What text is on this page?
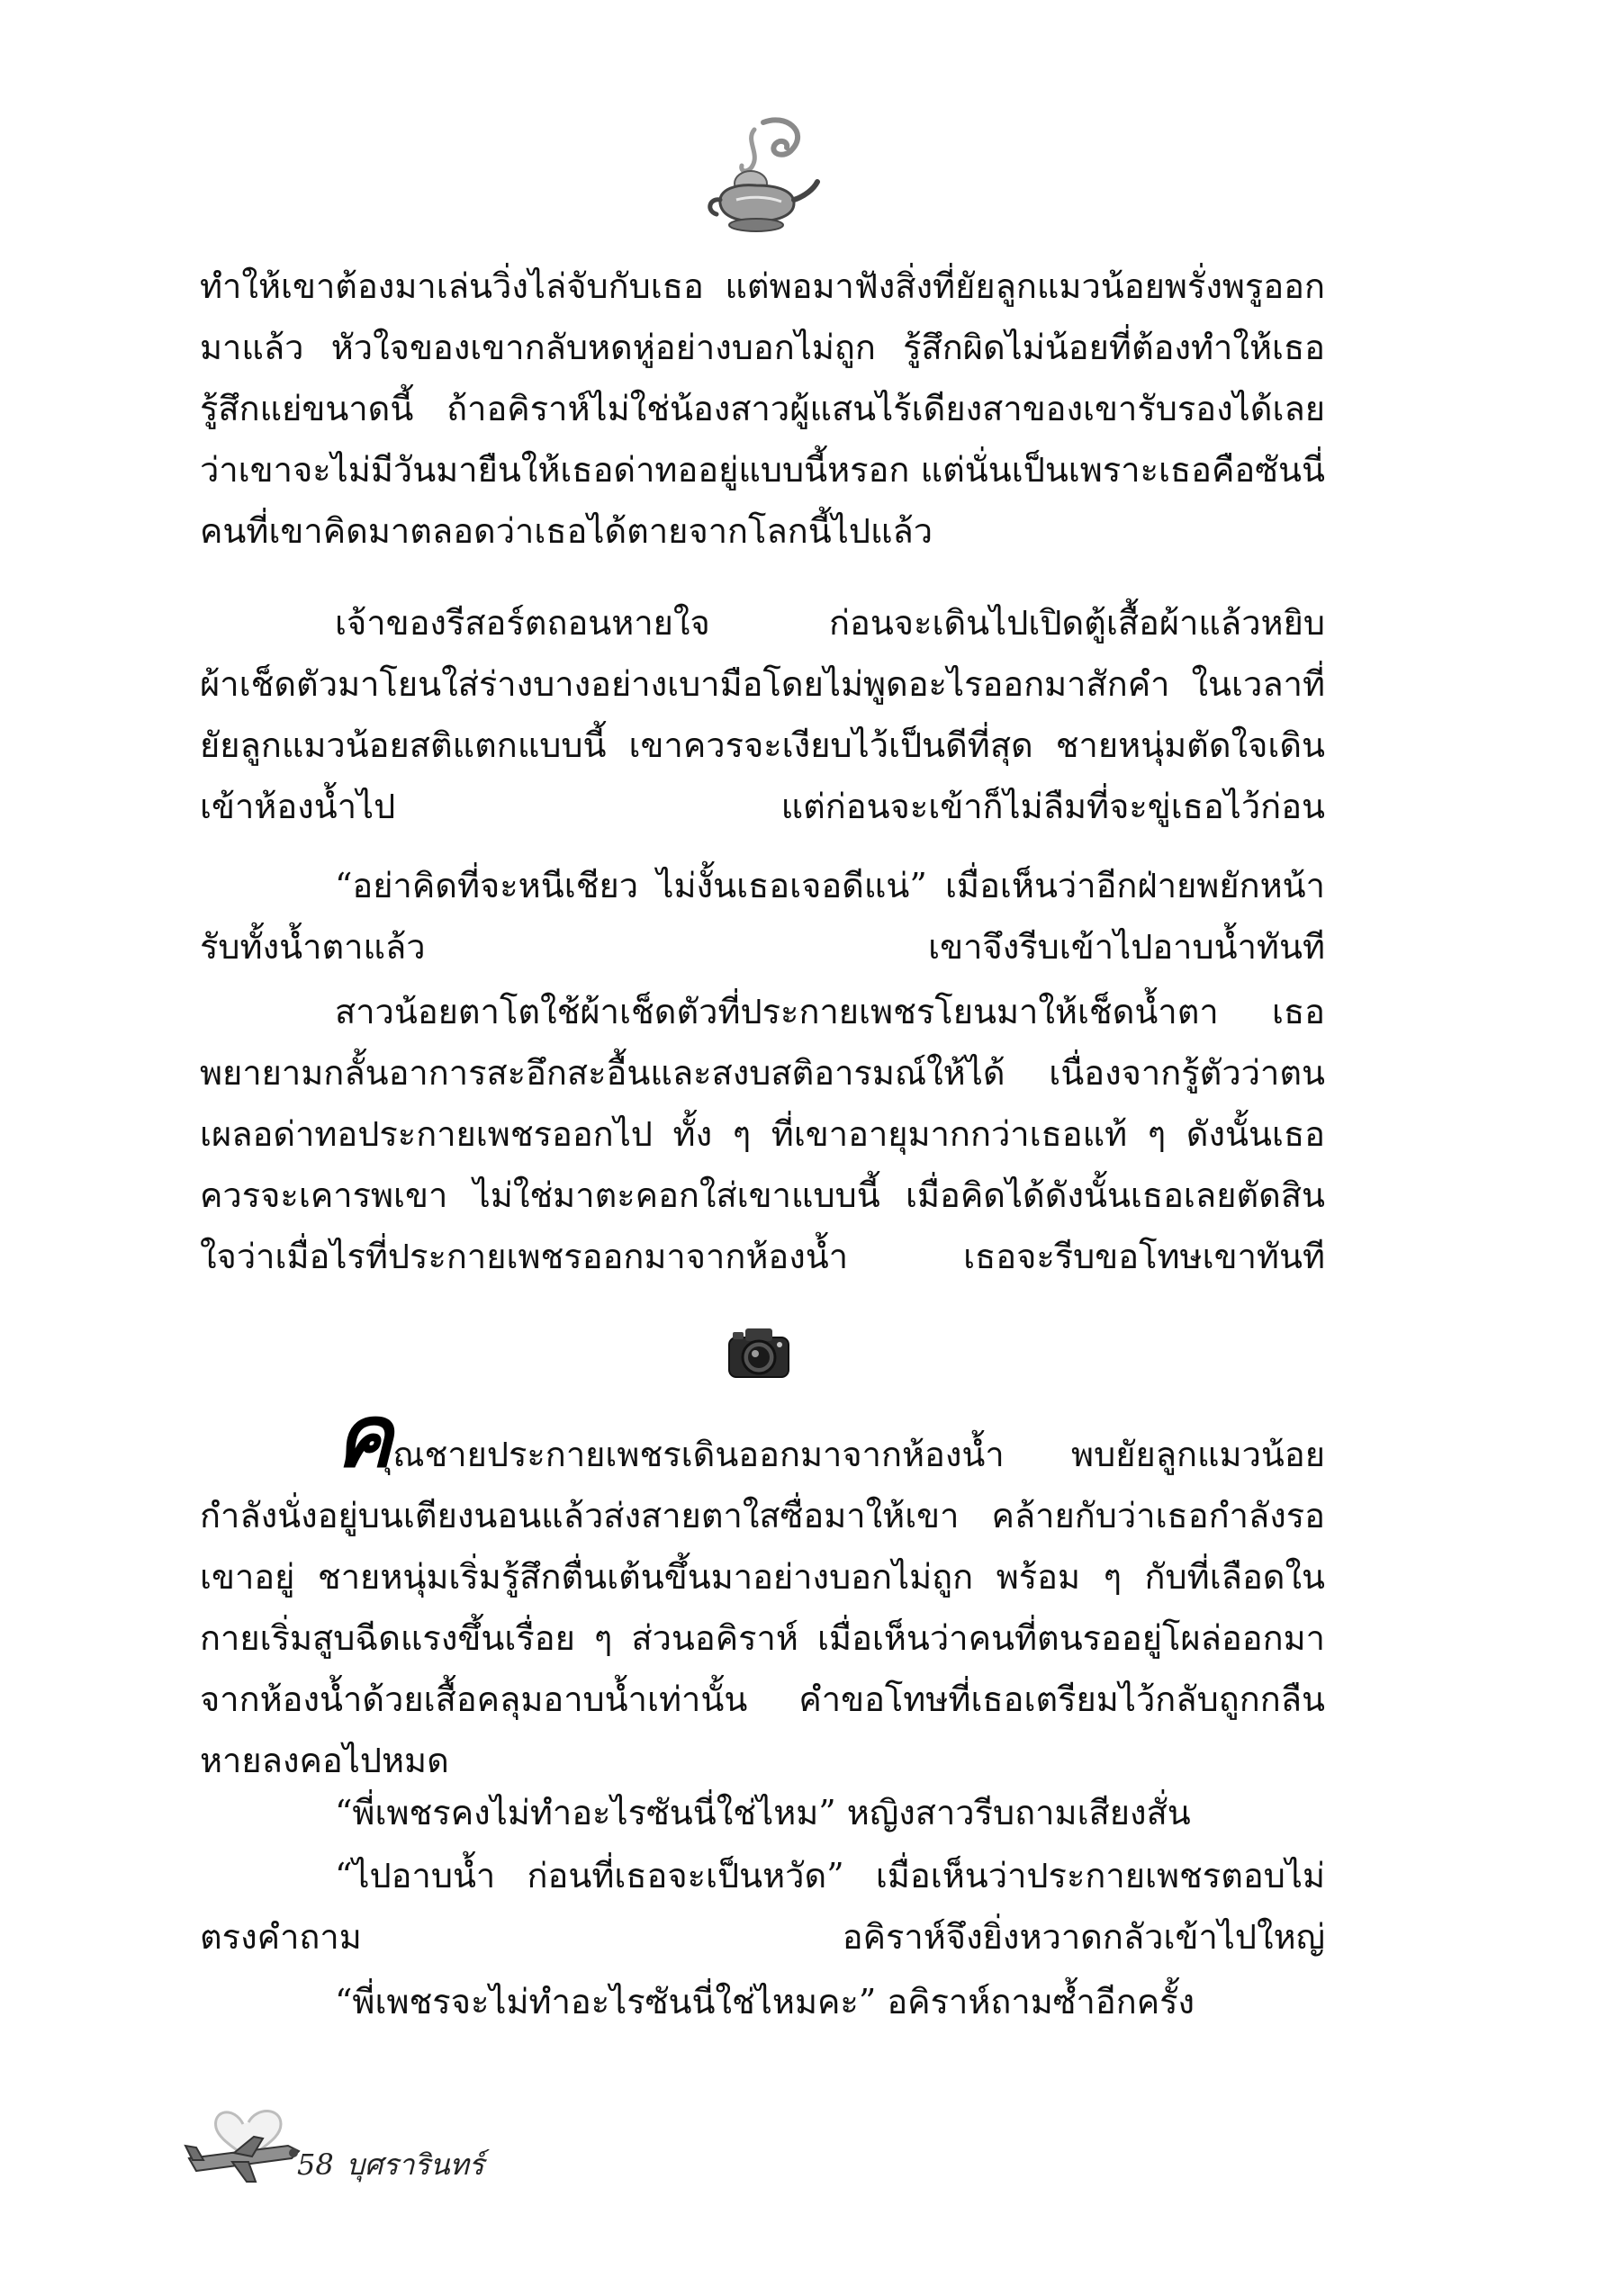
ทำให้เขาต้องมาเล่นวิ่งไล่จับกับเธอ แต่พอมาฟังสิ่งที่ยัยลูกแมวน้อยพรั่งพรูออกมาแล้ว หัวใจของเขากลับหดหู่อย่างบอกไม่ถูก รู้สึกผิดไม่น้อยที่ต้องทำให้เธอรู้สึกแย่ขนาดนี้ ถ้าอคิราห์ไม่ใช่น้องสาวผู้แสนไร้เดียงสาของเขารับรองได้เลยว่าเขาจะไม่มีวันมายืนให้เธอด่าทออยู่แบบนี้หรอก แต่นั่นเป็นเพราะเธอคือซันนี่ คนที่เขาคิดมาตลอดว่าเธอได้ตายจากโลกนี้ไปแล้ว

เจ้าของรีสอร์ตถอนหายใจ ก่อนจะเดินไปเปิดตู้เสื้อผ้าแล้วหยิบผ้าเช็ดตัวมาโยนใส่ร่างบางอย่างเบามือโดยไม่พูดอะไรออกมาสักคำ ในเวลาที่ยัยลูกแมวน้อยสติแตกแบบนี้ เขาควรจะเงียบไว้เป็นดีที่สุด ชายหนุ่มตัดใจเดินเข้าห้องน้ำไป แต่ก่อนจะเข้าก็ไม่ลืมที่จะขู่เธอไว้ก่อน

“อย่าคิดที่จะหนีเชียว ไม่งั้นเธอเจอดีแน่” เมื่อเห็นว่าอีกฝ่ายพยักหน้ารับทั้งน้ำตาแล้ว เขาจึงรีบเข้าไปอาบน้ำทันที

สาวน้อยตาโตใช้ผ้าเช็ดตัวที่ประกายเพชรโยนมาให้เช็ดน้ำตา เธอพยายามกลั้นอาการสะอึกสะอื้นและสงบสติอารมณ์ให้ได้ เนื่องจากรู้ตัวว่าตนเผลอด่าทอประกายเพชรออกไป ทั้ง ๆ ที่เขาอายุมากกว่าเธอแท้ ๆ ดังนั้นเธอควรจะเคารพเขา ไม่ใช่มาตะคอกใส่เขาแบบนี้ เมื่อคิดได้ดังนั้นเธอเลยตัดสินใจว่าเมื่อไรที่ประกายเพชรออกมาจากห้องน้ำ เธอจะรีบขอโทษเขาทันที

คุณชายประกายเพชรเดินออกมาจากห้องน้ำ พบยัยลูกแมวน้อยกำลังนั่งอยู่บนเตียงนอนแล้วส่งสายตาใสซื่อมาให้เขา คล้ายกับว่าเธอกำลังรอเขาอยู่ ชายหนุ่มเริ่มรู้สึกตื่นเต้นขึ้นมาอย่างบอกไม่ถูก พร้อม ๆ กับที่เลือดในกายเริ่มสูบฉีดแรงขึ้นเรื่อย ๆ ส่วนอคิราห์ เมื่อเห็นว่าคนที่ตนรออยู่โผล่ออกมาจากห้องน้ำด้วยเสื้อคลุมอาบน้ำเท่านั้น คำขอโทษที่เธอเตรียมไว้กลับถูกกลืนหายลงคอไปหมด

“พี่เพชรคงไม่ทำอะไรซันนี่ใช่ไหม” หญิงสาวรีบถามเสียงสั่น

“ไปอาบน้ำ ก่อนที่เธอจะเป็นหวัด” เมื่อเห็นว่าประกายเพชรตอบไม่ตรงคำถาม อคิราห์จึงยิ่งหวาดกลัวเข้าไปใหญ่

“พี่เพชรจะไม่ทำอะไรซันนี่ใช่ไหมคะ” อคิราห์ถามซ้ำอีกครั้ง

58 บุศรารินทร์
